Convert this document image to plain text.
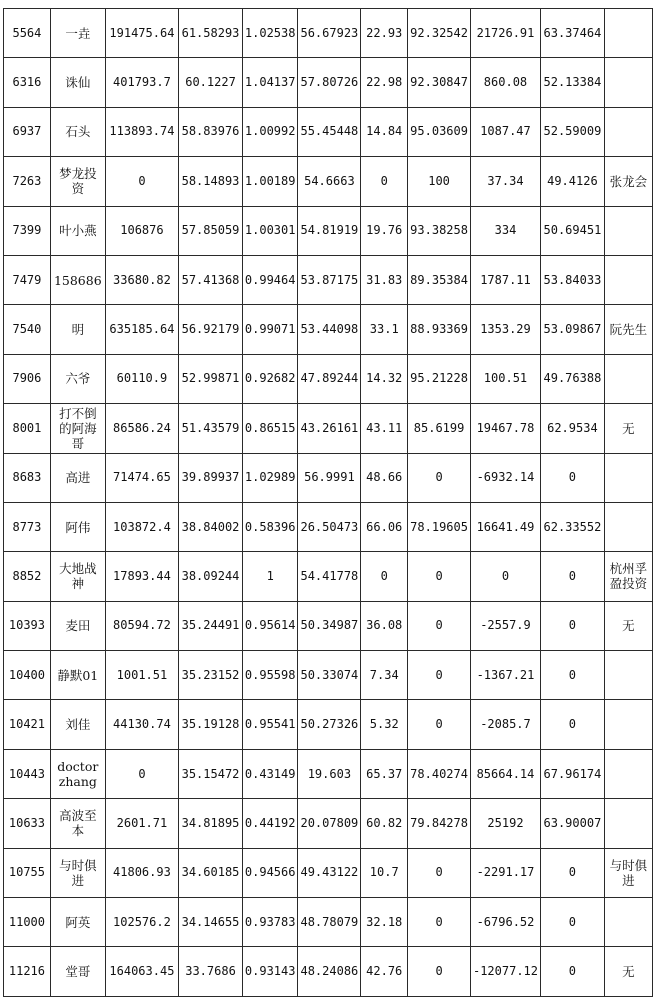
5564	一垚	191475.64	61.58293	1.02538	56.67923	22.93	92.32542	21726.91	63.37464	
6316	诛仙	401793.7	60.1227	1.04137	57.80726	22.98	92.30847	860.08	52.13384	
6937	石头	113893.74	58.83976	1.00992	55.45448	14.84	95.03609	1087.47	52.59009	
7263	梦龙投资	0	58.14893	1.00189	54.6663	0	100	37.34	49.4126	张龙会
7399	叶小燕	106876	57.85059	1.00301	54.81919	19.76	93.38258	334	50.69451	
7479	158686	33680.82	57.41368	0.99464	53.87175	31.83	89.35384	1787.11	53.84033	
7540	明	635185.64	56.92179	0.99071	53.44098	33.1	88.93369	1353.29	53.09867	阮先生
7906	六爷	60110.9	52.99871	0.92682	47.89244	14.32	95.21228	100.51	49.76388	
8001	打不倒的阿海哥	86586.24	51.43579	0.86515	43.26161	43.11	85.6199	19467.78	62.9534	无
8683	高进	71474.65	39.89937	1.02989	56.9991	48.66	0	-6932.14	0	
8773	阿伟	103872.4	38.84002	0.58396	26.50473	66.06	78.19605	16641.49	62.33552	
8852	大地战神	17893.44	38.09244	1	54.41778	0	0	0	0	杭州孚盈投资
10393	麦田	80594.72	35.24491	0.95614	50.34987	36.08	0	-2557.9	0	无
10400	静默01	1001.51	35.23152	0.95598	50.33074	7.34	0	-1367.21	0	
10421	刘佳	44130.74	35.19128	0.95541	50.27326	5.32	0	-2085.7	0	
10443	doctor zhang	0	35.15472	0.43149	19.603	65.37	78.40274	85664.14	67.96174	
10633	高波至本	2601.71	34.81895	0.44192	20.07809	60.82	79.84278	25192	63.90007	
10755	与时俱进	41806.93	34.60185	0.94566	49.43122	10.7	0	-2291.17	0	与时俱进
11000	阿英	102576.2	34.14655	0.93783	48.78079	32.18	0	-6796.52	0	
11216	堂哥	164063.45	33.7686	0.93143	48.24086	42.76	0	-12077.12	0	无
